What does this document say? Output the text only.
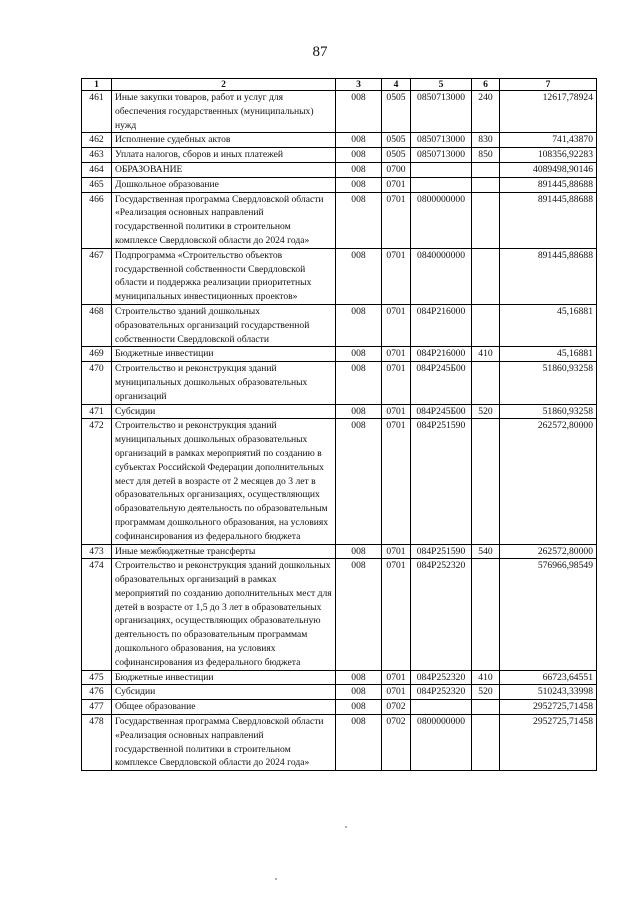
87
1	2	3	4	5	6	7
461	Иные закупки товаров, работ и услуг для обеспечения государственных (муниципальных) нужд	008	0505	0850713000	240	12617,78924
462	Исполнение судебных актов	008	0505	0850713000	830	741,43870
463	Уплата налогов, сборов и иных платежей	008	0505	0850713000	850	108356,92283
464	ОБРАЗОВАНИЕ	008	0700			4089498,90146
465	Дошкольное образование	008	0701			891445,88688
466	Государственная программа Свердловской области «Реализация основных направлений государственной политики в строительном комплексе Свердловской области до 2024 года»	008	0701	0800000000		891445,88688
467	Подпрограмма «Строительство объектов государственной собственности Свердловской области и поддержка реализации приоритетных муниципальных инвестиционных проектов»	008	0701	0840000000		891445,88688
468	Строительство зданий дошкольных образовательных организаций государственной собственности Свердловской области	008	0701	084P216000		45,16881
469	Бюджетные инвестиции	008	0701	084P216000	410	45,16881
470	Строительство и реконструкция зданий муниципальных дошкольных образовательных организаций	008	0701	084P245Б00		51860,93258
471	Субсидии	008	0701	084P245Б00	520	51860,93258
472	Строительство и реконструкция зданий муниципальных дошкольных образовательных организаций в рамках мероприятий по созданию в субъектах Российской Федерации дополнительных мест для детей в возрасте от 2 месяцев до 3 лет в образовательных организациях, осуществляющих образовательную деятельность по образовательным программам дошкольного образования, на условиях софинансирования из федерального бюджета	008	0701	084P251590		262572,80000
473	Иные межбюджетные трансферты	008	0701	084P251590	540	262572,80000
474	Строительство и реконструкция зданий дошкольных образовательных организаций в рамках мероприятий по созданию дополнительных мест для детей в возрасте от 1,5 до 3 лет в образовательных организациях, осуществляющих образовательную деятельность по образовательным программам дошкольного образования, на условиях софинансирования из федерального бюджета	008	0701	084P252320		576966,98549
475	Бюджетные инвестиции	008	0701	084P252320	410	66723,64551
476	Субсидии	008	0701	084P252320	520	510243,33998
477	Общее образование	008	0702			2952725,71458
478	Государственная программа Свердловской области «Реализация основных направлений государственной политики в строительном комплексе Свердловской области до 2024 года»	008	0702	0800000000		2952725,71458
